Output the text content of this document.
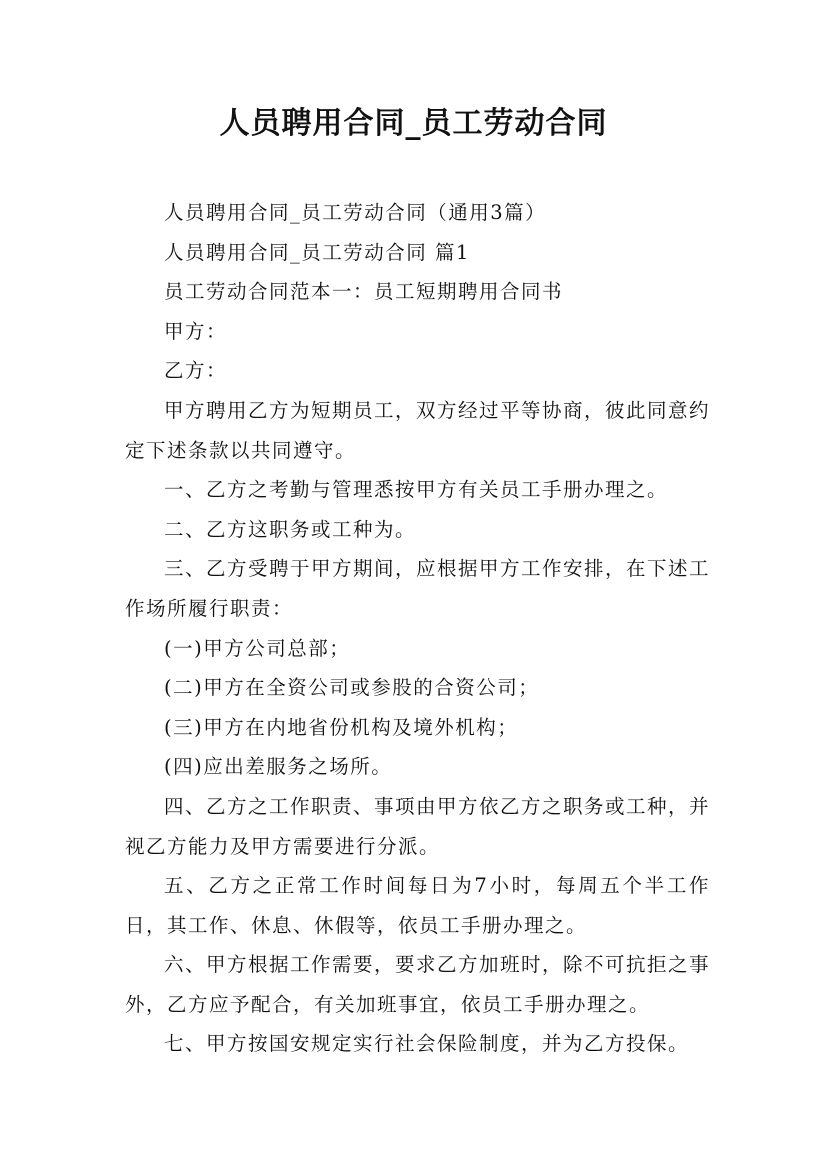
人员聘用合同_员工劳动合同

人员聘用合同_员工劳动合同（通用3篇）

人员聘用合同_员工劳动合同 篇1

员工劳动合同范本一：员工短期聘用合同书

甲方：

乙方：

甲方聘用乙方为短期员工，双方经过平等协商，彼此同意约定下述条款以共同遵守。

一、乙方之考勤与管理悉按甲方有关员工手册办理之。

二、乙方这职务或工种为。

三、乙方受聘于甲方期间，应根据甲方工作安排，在下述工作场所履行职责：

(一)甲方公司总部；

(二)甲方在全资公司或参股的合资公司；

(三)甲方在内地省份机构及境外机构；

(四)应出差服务之场所。

四、乙方之工作职责、事项由甲方依乙方之职务或工种，并视乙方能力及甲方需要进行分派。

五、乙方之正常工作时间每日为7小时，每周五个半工作日，其工作、休息、休假等，依员工手册办理之。

六、甲方根据工作需要，要求乙方加班时，除不可抗拒之事外，乙方应予配合，有关加班事宜，依员工手册办理之。

七、甲方按国安规定实行社会保险制度，并为乙方投保。
